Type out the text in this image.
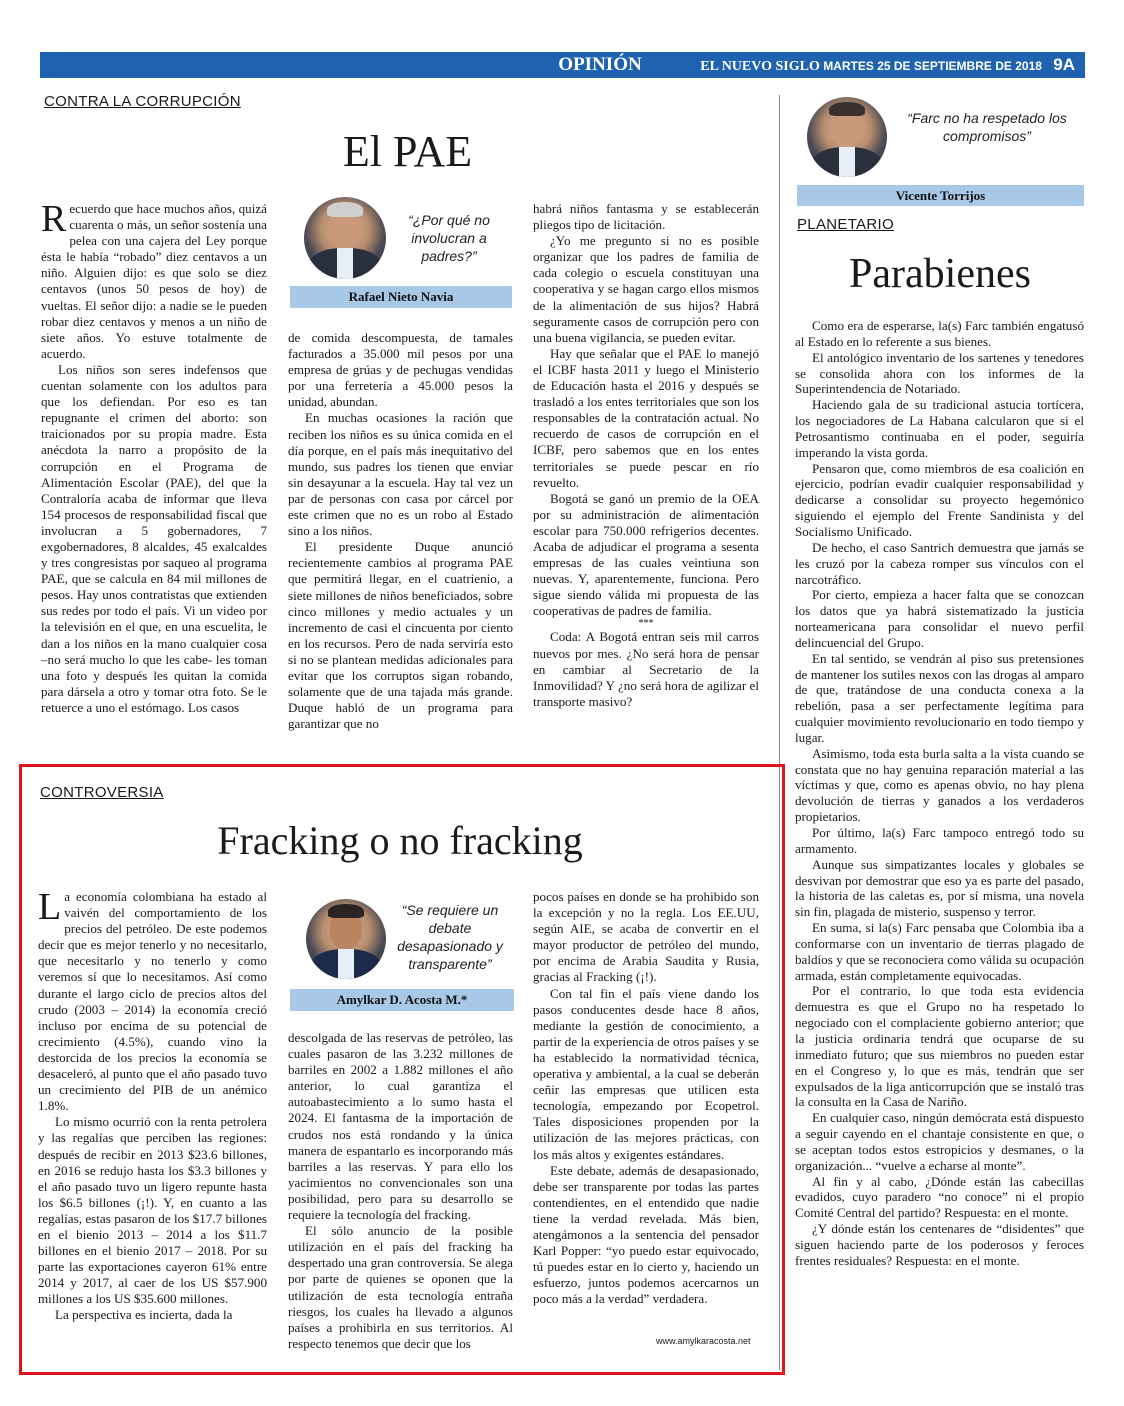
OPINIÓN	EL NUEVO SIGLO MARTES 25 DE SEPTIEMBRE DE 2018 9A
CONTRA LA CORRUPCIÓN
El PAE

Recuerdo que hace muchos años, quizá cuarenta o más, un señor sostenía una pelea con una cajera del Ley porque ésta le había “robado” diez centavos a un niño. Alguien dijo: es que solo se diez centavos (unos 50 pesos de hoy) de vueltas. El señor dijo: a nadie se le pueden robar diez centavos y menos a un niño de siete años. Yo estuve totalmente de acuerdo.

Los niños son seres indefensos que cuentan solamente con los adultos para que los defiendan. Por eso es tan repugnante el crimen del aborto: son traicionados por su propia madre. Esta anécdota la narro a propósito de la corrupción en el Programa de Alimentación Escolar (PAE), del que la Contraloría acaba de informar que lleva 154 procesos de responsabilidad fiscal que involucran a 5 gobernadores, 7 exgobernadores, 8 alcaldes, 45 exalcaldes y tres congresistas por saqueo al programa PAE, que se calcula en 84 mil millones de pesos. Hay unos contratistas que extienden sus redes por todo el país. Vi un video por la televisión en el que, en una escuelita, le dan a los niños en la mano cualquier cosa –no será mucho lo que les cabe- les toman una foto y después les quitan la comida para dársela a otro y tomar otra foto. Se le retuerce a uno el estómago. Los casos

“¿Por qué no involucran a padres?”
Rafael Nieto Navia

de comida descompuesta, de tamales facturados a 35.000 mil pesos por una empresa de grúas y de pechugas vendidas por una ferretería a 45.000 pesos la unidad, abundan.

En muchas ocasiones la ración que reciben los niños es su única comida en el día porque, en el país más inequitativo del mundo, sus padres los tienen que enviar sin desayunar a la escuela. Hay tal vez un par de personas con casa por cárcel por este crimen que no es un robo al Estado sino a los niños.

El presidente Duque anunció recientemente cambios al programa PAE que permitirá llegar, en el cuatrienio, a siete millones de niños beneficiados, sobre cinco millones y medio actuales y un incremento de casi el cincuenta por ciento en los recursos. Pero de nada serviría esto si no se plantean medidas adicionales para evitar que los corruptos sigan robando, solamente que de una tajada más grande. Duque habló de un programa para garantizar que no

habrá niños fantasma y se establecerán pliegos tipo de licitación.

¿Yo me pregunto si no es posible organizar que los padres de familia de cada colegio o escuela constituyan una cooperativa y se hagan cargo ellos mismos de la alimentación de sus hijos? Habrá seguramente casos de corrupción pero con una buena vigilancia, se pueden evitar.

Hay que señalar que el PAE lo manejó el ICBF hasta 2011 y luego el Ministerio de Educación hasta el 2016 y después se trasladó a los entes territoriales que son los responsables de la contratación actual. No recuerdo de casos de corrupción en el ICBF, pero sabemos que en los entes territoriales se puede pescar en río revuelto.

Bogotá se ganó un premio de la OEA por su administración de alimentación escolar para 750.000 refrigerios decentes. Acaba de adjudicar el programa a sesenta empresas de las cuales veintiuna son nuevas. Y, aparentemente, funciona. Pero sigue siendo válida mi propuesta de las cooperativas de padres de familia.

***

Coda: A Bogotá entran seis mil carros nuevos por mes. ¿No será hora de pensar en cambiar al Secretario de la Inmovilidad? Y ¿no será hora de agilizar el transporte masivo?

“Farc no ha respetado los compromisos”
Vicente Torrijos
PLANETARIO
Parabienes

Como era de esperarse, la(s) Farc también engatusó al Estado en lo referente a sus bienes.

El antológico inventario de los sartenes y tenedores se consolida ahora con los informes de la Superintendencia de Notariado.

Haciendo gala de su tradicional astucia tortícera, los negociadores de La Habana calcularon que si el Petrosantismo continuaba en el poder, seguiría imperando la vista gorda.

Pensaron que, como miembros de esa coalición en ejercicio, podrían evadir cualquier responsabilidad y dedicarse a consolidar su proyecto hegemónico siguiendo el ejemplo del Frente Sandinista y del Socialismo Unificado.

De hecho, el caso Santrich demuestra que jamás se les cruzó por la cabeza romper sus vínculos con el narcotráfico.

Por cierto, empieza a hacer falta que se conozcan los datos que ya habrá sistematizado la justicia norteamericana para consolidar el nuevo perfil delincuencial del Grupo.

En tal sentido, se vendrán al piso sus pretensiones de mantener los sutiles nexos con las drogas al amparo de que, tratándose de una conducta conexa a la rebelión, pasa a ser perfectamente legítima para cualquier movimiento revolucionario en todo tiempo y lugar.

Asimismo, toda esta burla salta a la vista cuando se constata que no hay genuina reparación material a las víctimas y que, como es apenas obvio, no hay plena devolución de tierras y ganados a los verdaderos propietarios.

Por último, la(s) Farc tampoco entregó todo su armamento.

Aunque sus simpatizantes locales y globales se desvivan por demostrar que eso ya es parte del pasado, la historia de las caletas es, por sí misma, una novela sin fin, plagada de misterio, suspenso y terror.

En suma, si la(s) Farc pensaba que Colombia iba a conformarse con un inventario de tierras plagado de baldíos y que se reconociera como válida su ocupación armada, están completamente equivocadas.

Por el contrario, lo que toda esta evidencia demuestra es que el Grupo no ha respetado lo negociado con el complaciente gobierno anterior; que la justicia ordinaria tendrá que ocuparse de su inmediato futuro; que sus miembros no pueden estar en el Congreso y, lo que es más, tendrán que ser expulsados de la liga anticorrupción que se instaló tras la consulta en la Casa de Nariño.

En cualquier caso, ningún demócrata está dispuesto a seguir cayendo en el chantaje consistente en que, o se aceptan todos estos estropicios y desmanes, o la organización... “vuelve a echarse al monte”.

Al fin y al cabo, ¿Dónde están las cabecillas evadidos, cuyo paradero “no conoce” ni el propio Comité Central del partido? Respuesta: en el monte.

¿Y dónde están los centenares de “disidentes” que siguen haciendo parte de los poderosos y feroces frentes residuales? Respuesta: en el monte.

CONTROVERSIA
Fracking o no fracking

La economía colombiana ha estado al vaivén del comportamiento de los precios del petróleo. De este podemos decir que es mejor tenerlo y no necesitarlo, que necesitarlo y no tenerlo y como veremos sí que lo necesitamos. Así como durante el largo ciclo de precios altos del crudo (2003 – 2014) la economía creció incluso por encima de su potencial de crecimiento (4.5%), cuando vino la destorcida de los precios la economía se desaceleró, al punto que el año pasado tuvo un crecimiento del PIB de un anémico 1.8%.

Lo mismo ocurrió con la renta petrolera y las regalías que perciben las regiones: después de recibir en 2013 $23.6 billones, en 2016 se redujo hasta los $3.3 billones y el año pasado tuvo un ligero repunte hasta los $6.5 billones (¡!). Y, en cuanto a las regalías, estas pasaron de los $17.7 billones en el bienio 2013 – 2014 a los $11.7 billones en el bienio 2017 – 2018. Por su parte las exportaciones cayeron 61% entre 2014 y 2017, al caer de los US $57.900 millones a los US $35.600 millones.

La perspectiva es incierta, dada la

“Se requiere un debate desapasionado y transparente”
Amylkar D. Acosta M.*

descolgada de las reservas de petróleo, las cuales pasaron de las 3.232 millones de barriles en 2002 a 1.882 millones el año anterior, lo cual garantiza el autoabastecimiento a lo sumo hasta el 2024. El fantasma de la importación de crudos nos está rondando y la única manera de espantarlo es incorporando más barriles a las reservas. Y para ello los yacimientos no convencionales son una posibilidad, pero para su desarrollo se requiere la tecnología del fracking.

El sólo anuncio de la posible utilización en el país del fracking ha despertado una gran controversia. Se alega por parte de quienes se oponen que la utilización de esta tecnología entraña riesgos, los cuales ha llevado a algunos países a prohibirla en sus territorios. Al respecto tenemos que decir que los

pocos países en donde se ha prohibido son la excepción y no la regla. Los EE.UU, según AIE, se acaba de convertir en el mayor productor de petróleo del mundo, por encima de Arabia Saudita y Rusia, gracias al Fracking (¡!).

Con tal fin el país viene dando los pasos conducentes desde hace 8 años, mediante la gestión de conocimiento, a partir de la experiencia de otros países y se ha establecido la normatividad técnica, operativa y ambiental, a la cual se deberán ceñir las empresas que utilicen esta tecnología, empezando por Ecopetrol. Tales disposiciones propenden por la utilización de las mejores prácticas, con los más altos y exigentes estándares.

Este debate, además de desapasionado, debe ser transparente por todas las partes contendientes, en el entendido que nadie tiene la verdad revelada. Más bien, atengámonos a la sentencia del pensador Karl Popper: “yo puedo estar equivocado, tú puedes estar en lo cierto y, haciendo un esfuerzo, juntos podemos acercarnos un poco más a la verdad” verdadera.

www.amylkaracosta.net
